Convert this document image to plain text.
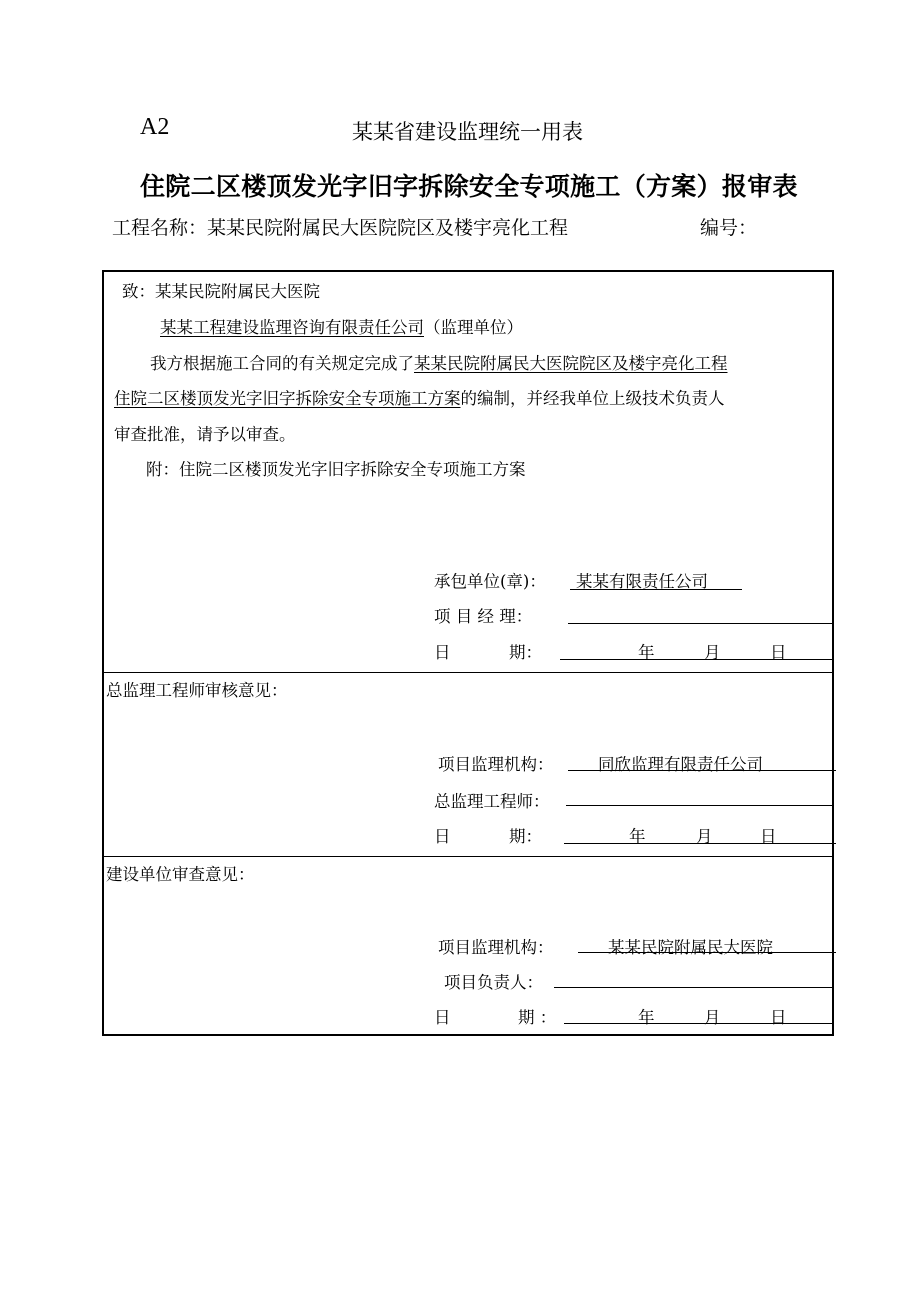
A2	某某省建设监理统一用表
住院二区楼顶发光字旧字拆除安全专项施工（方案）报审表
工程名称：某某民院附属民大医院院区及楼宇亮化工程	编号：
致：某某民院附属民大医院
某某工程建设监理咨询有限责任公司（监理单位）
我方根据施工合同的有关规定完成了某某民院附属民大医院院区及楼宇亮化工程
住院二区楼顶发光字旧字拆除安全专项施工方案的编制，并经我单位上级技术负责人
审查批准，请予以审查。
附：住院二区楼顶发光字旧字拆除安全专项施工方案
承包单位(章)： 某某有限责任公司
项 目 经 理：
日	期：	年	月	日
总监理工程师审核意见：
项目监理机构：	同欣监理有限责任公司
总监理工程师：
日	期：	年	月	日
建设单位审查意见：
项目监理机构：	某某民院附属民大医院
项目负责人：
日	期 ：	年	月	日
